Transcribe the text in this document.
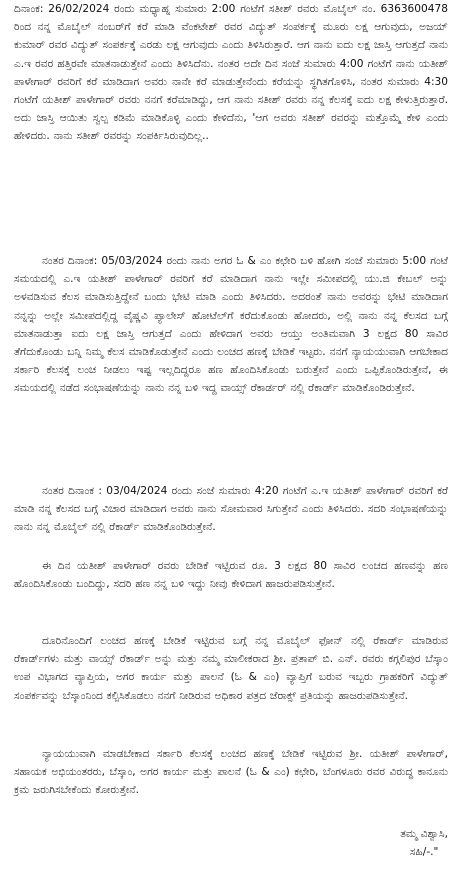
ದಿನಾಂಕ: 26/02/2024 ರಂದು ಮಧ್ಯಾಹ್ನ ಸುಮಾರು 2:00 ಗಂಟೆಗೆ ಸತೀಶ್ ರವರು ಮೊಬೈಲ್ ನಂ. 6363600478 ರಿಂದ ನನ್ನ ಮೊಬೈಲ್ ನಂಬರ್‌ಗೆ ಕರೆ ಮಾಡಿ ವೆಂಕಟೇಶ್ ರವರ ವಿದ್ಯುತ್ ಸಂಪರ್ಕಕ್ಕೆ ಮೂರು ಲಕ್ಷ ಆಗುವುದು, ಅಜಯ್ ಕುಮಾರ್ ರವರ ವಿದ್ಯುತ್ ಸಂಪರ್ಕಕ್ಕೆ ಎರಡು ಲಕ್ಷ ಆಗುವುದು ಎಂದು ತಿಳಿಸಿರುತ್ತಾರೆ. ಆಗ ನಾನು ಐದು ಲಕ್ಷ ಜಾಸ್ತಿ ಆಗುತ್ತದೆ ನಾನು ಎ.ಇ ರವರ ಹತ್ತಿರವೇ ಮಾತನಾಡುತ್ತೇನೆ ಎಂದು ತಿಳಿಸಿದೆನು. ನಂತರ ಅದೇ ದಿನ ಸಂಜೆ ಸುಮಾರು 4:00 ಗಂಟೆಗೆ ನಾನು ಯತೀಶ್ ಪಾಳೇಗಾರ್ ರವರಿಗೆ ಕರೆ ಮಾಡಿದಾಗ ಅವರು ನಾನೇ ಕರೆ ಮಾಡುತ್ತೇನೆಂದು ಕರೆಯನ್ನು ಸ್ಥಗಿತಗೊಳಿಸಿ, ನಂತರ ಸುಮಾರು 4:30 ಗಂಟೆಗೆ ಯತೀಶ್ ಪಾಳೇಗಾರ್ ರವರು ನನಗೆ ಕರೆಮಾಡಿದ್ದು, ಆಗ ನಾನು ಸತೀಶ್ ರವರು ನನ್ನ ಕೆಲಸಕ್ಕೆ ಐದು ಲಕ್ಷ ಕೇಳುತ್ತಿರುತ್ತಾರೆ. ಅದು ಜಾಸ್ತಿ ಆಯಿತು ಸ್ವಲ್ಪ ಕಡಿಮೆ ಮಾಡಿಕೊಳ್ಳಿ ಎಂದು ಕೇಳಿದೆನು, 'ಆಗ ಅವರು ಸತೀಶ್ ರವರನ್ನು ಮತ್ತೊಮ್ಮೆ ಕೇಳಿ ಎಂದು ಹೇಳಿದರು. ನಾನು ಸತೀಶ್ ರವರನ್ನು ಸಂಪರ್ಕಿಸಿರುವುದಿಲ್ಲ..

ನಂತರ ದಿನಾಂಕ: 05/03/2024 ರಂದು ನಾನು ಅಗರ ಓ & ಎಂ ಕಛೇರಿ ಬಳಿ ಹೋಗಿ ಸಂಜೆ ಸುಮಾರು 5:00 ಗಂಟೆ ಸಮಯದಲ್ಲಿ ಎ.ಇ ಯತೀಶ್ ಪಾಳೇಗಾರ್ ರವರಿಗೆ ಕರೆ ಮಾಡಿದಾಗ ನಾನು ಇಲ್ಲೇ ಸಮೀಪದಲ್ಲಿ ಯು.ಜಿ ಕೇಬಲ್ ಅನ್ನು ಅಳವಡಿಸುವ ಕೆಲಸ ಮಾಡಿಸುತ್ತಿದ್ದೇನೆ ಬಂದು ಭೇಟಿ ಮಾಡಿ ಎಂದು ತಿಳಿಸಿದರು. ಅದರಂತೆ ನಾನು ಅವರನ್ನು ಭೇಟಿ ಮಾಡಿದಾಗ ನನ್ನನ್ನು ಅಲ್ಲೇ ಸಮೀಪದಲ್ಲಿದ್ದ ವೈಷ್ಣವಿ ಪ್ಯಾಲೇಸ್ ಹೋಟೆಲ್‌ಗೆ ಕರೆದುಕೊಂಡು ಹೋದರು, ಅಲ್ಲಿ ನಾನು ನನ್ನ ಕೆಲಸದ ಬಗ್ಗೆ ಮಾತನಾಡುತ್ತಾ ಐದು ಲಕ್ಷ ಜಾಸ್ತಿ ಆಗುತ್ತದೆ ಎಂದು ಹೇಳಿದಾಗ ಅವರು ಆಯ್ತು ಅಂತಿಮವಾಗಿ 3 ಲಕ್ಷದ 80 ಸಾವಿರ ತೆಗೆದುಕೊಂಡು ಬನ್ನಿ ನಿಮ್ಮ ಕೆಲಸ ಮಾಡಿಕೊಡುತ್ತೇನೆ ಎಂದು ಲಂಚದ ಹಣಕ್ಕೆ ಬೇಡಿಕೆ ಇಟ್ಟರು. ನನಗೆ ನ್ಯಾಯಯುವಾಗಿ ಆಗಬೇಕಾದ ಸರ್ಕಾರಿ ಕೆಲಸಕ್ಕೆ ಲಂಚ ನೀಡಲು ಇಷ್ಟ ಇಲ್ಲದಿದ್ದರೂ ಹಣ ಹೊಂದಿಸಿಕೊಂಡು ಬರುತ್ತೇನೆ ಎಂದು ಒಪ್ಪಿಕೊಂಡಿರುತ್ತೇನೆ, ಈ ಸಮಯದಲ್ಲಿ ನಡೆದ ಸಂಭಾಷಣೆಯನ್ನು ನಾನು ನನ್ನ ಬಳಿ ಇದ್ದ ವಾಯ್ಸ್ ರೆಕಾರ್ಡರ್ ನಲ್ಲಿ ರೆಕಾರ್ಡ್ ಮಾಡಿಕೊಂಡಿರುತ್ತೇನೆ.

ನಂತರ ದಿನಾಂಕ : 03/04/2024 ರಂದು ಸಂಜೆ ಸುಮಾರು 4:20 ಗಂಟೆಗೆ ಎ.ಇ ಯತೀಶ್ ಪಾಳೇಗಾರ್ ರವರಿಗೆ ಕರೆ ಮಾಡಿ ನನ್ನ ಕೆಲಸದ ಬಗ್ಗೆ ವಿಚಾರ ಮಾಡಿದಾಗ ಅವರು ನಾನು ಸೋಮವಾರ ಸಿಗುತ್ತೇನೆ ಎಂದು ತಿಳಿಸಿದರು. ಸದರಿ ಸಂಭಾಷಣೆಯನ್ನು ನಾನು ನನ್ನ ಮೊಬೈಲ್ ನಲ್ಲಿ ರೆಕಾರ್ಡ್ ಮಾಡಿಕೊಂಡಿರುತ್ತೇನೆ.

ಈ ದಿನ ಯತೀಶ್ ಪಾಳೇಗಾರ್ ರವರು ಬೇಡಿಕೆ ಇಟ್ಟಿರುವ ರೂ. 3 ಲಕ್ಷದ 80 ಸಾವಿರ ಲಂಚದ ಹಣವನ್ನು ಹಣ ಹೊಂದಿಸಿಕೊಂಡು ಬಂದಿದ್ದು, ಸದರಿ ಹಣ ನನ್ನ ಬಳಿ ಇದ್ದು ನೀವು ಕೇಳಿದಾಗ ಹಾಜರುಪಡಿಸುತ್ತೇನೆ.

ದೂರಿನೊಂದಿಗೆ ಲಂಚದ ಹಣಕ್ಕೆ ಬೇಡಿಕೆ ಇಟ್ಟಿರುವ ಬಗ್ಗೆ ನನ್ನ ಮೊಬೈಲ್ ಫೋನ್ ನಲ್ಲಿ ರೆಕಾರ್ಡ್ ಮಾಡಿರುವ ರೆಕಾರ್ಡ್‌ಗಳು ಮತ್ತು ವಾಯ್ಸ್ ರೆಕಾರ್ಡ್ ಅನ್ನು ಮತ್ತು ನಮ್ಮ ಮಾಲೀಕರಾದ ಶ್ರೀ. ಪ್ರತಾಪ್ ಬಿ. ಎನ್. ರವರು ಕಗ್ಗಲಿಪುರ ಬೆಸ್ಕಾಂ ಉಪ ವಿಭಾಗದ ವ್ಯಾಪ್ತಿಯ, ಅಗರ ಕಾರ್ಯ ಮತ್ತು ಪಾಲನೆ (ಓ & ಎಂ) ವ್ಯಾಪ್ತಿಗೆ ಬರುವ ಇಬ್ಬರು ಗ್ರಾಹಕರಿಗೆ ವಿದ್ಯುತ್ ಸಂಪರ್ಕವನ್ನು ಬೆಸ್ಕಾಂನಿಂದ ಕಲ್ಪಿಸಿಕೊಡಲು ನನಗೆ ನೀಡಿರುವ ಅಧಿಕಾರ ಪತ್ರದ ಜೆರಾಕ್ಸ್ ಪ್ರತಿಯನ್ನು ಹಾಜರುಪಡಿಸುತ್ತೇನೆ.

ನ್ಯಾಯಯುವಾಗಿ ಮಾಡಬೇಕಾದ ಸರ್ಕಾರಿ ಕೆಲಸಕ್ಕೆ ಲಂಚದ ಹಣಕ್ಕೆ ಬೇಡಿಕೆ ಇಟ್ಟಿರುವ ಶ್ರೀ. ಯತೀಶ್ ಪಾಳೇಗಾರ್, ಸಹಾಯಕ ಅಭಿಯಂತರರು, ಬೆಸ್ಕಾಂ, ಅಗರ ಕಾರ್ಯ ಮತ್ತು ಪಾಲನೆ (ಓ & ಎಂ) ಕಛೇರಿ, ಬೆಂಗಳೂರು ರವರ ವಿರುದ್ಧ ಕಾನೂನು ಕ್ರಮ ಜರುಗಿಸಬೇಕೆಂದು ಕೋರುತ್ತೇನೆ.

ತಮ್ಮ ವಿಶ್ವಾಸಿ,
ಸಹಿ/-."
